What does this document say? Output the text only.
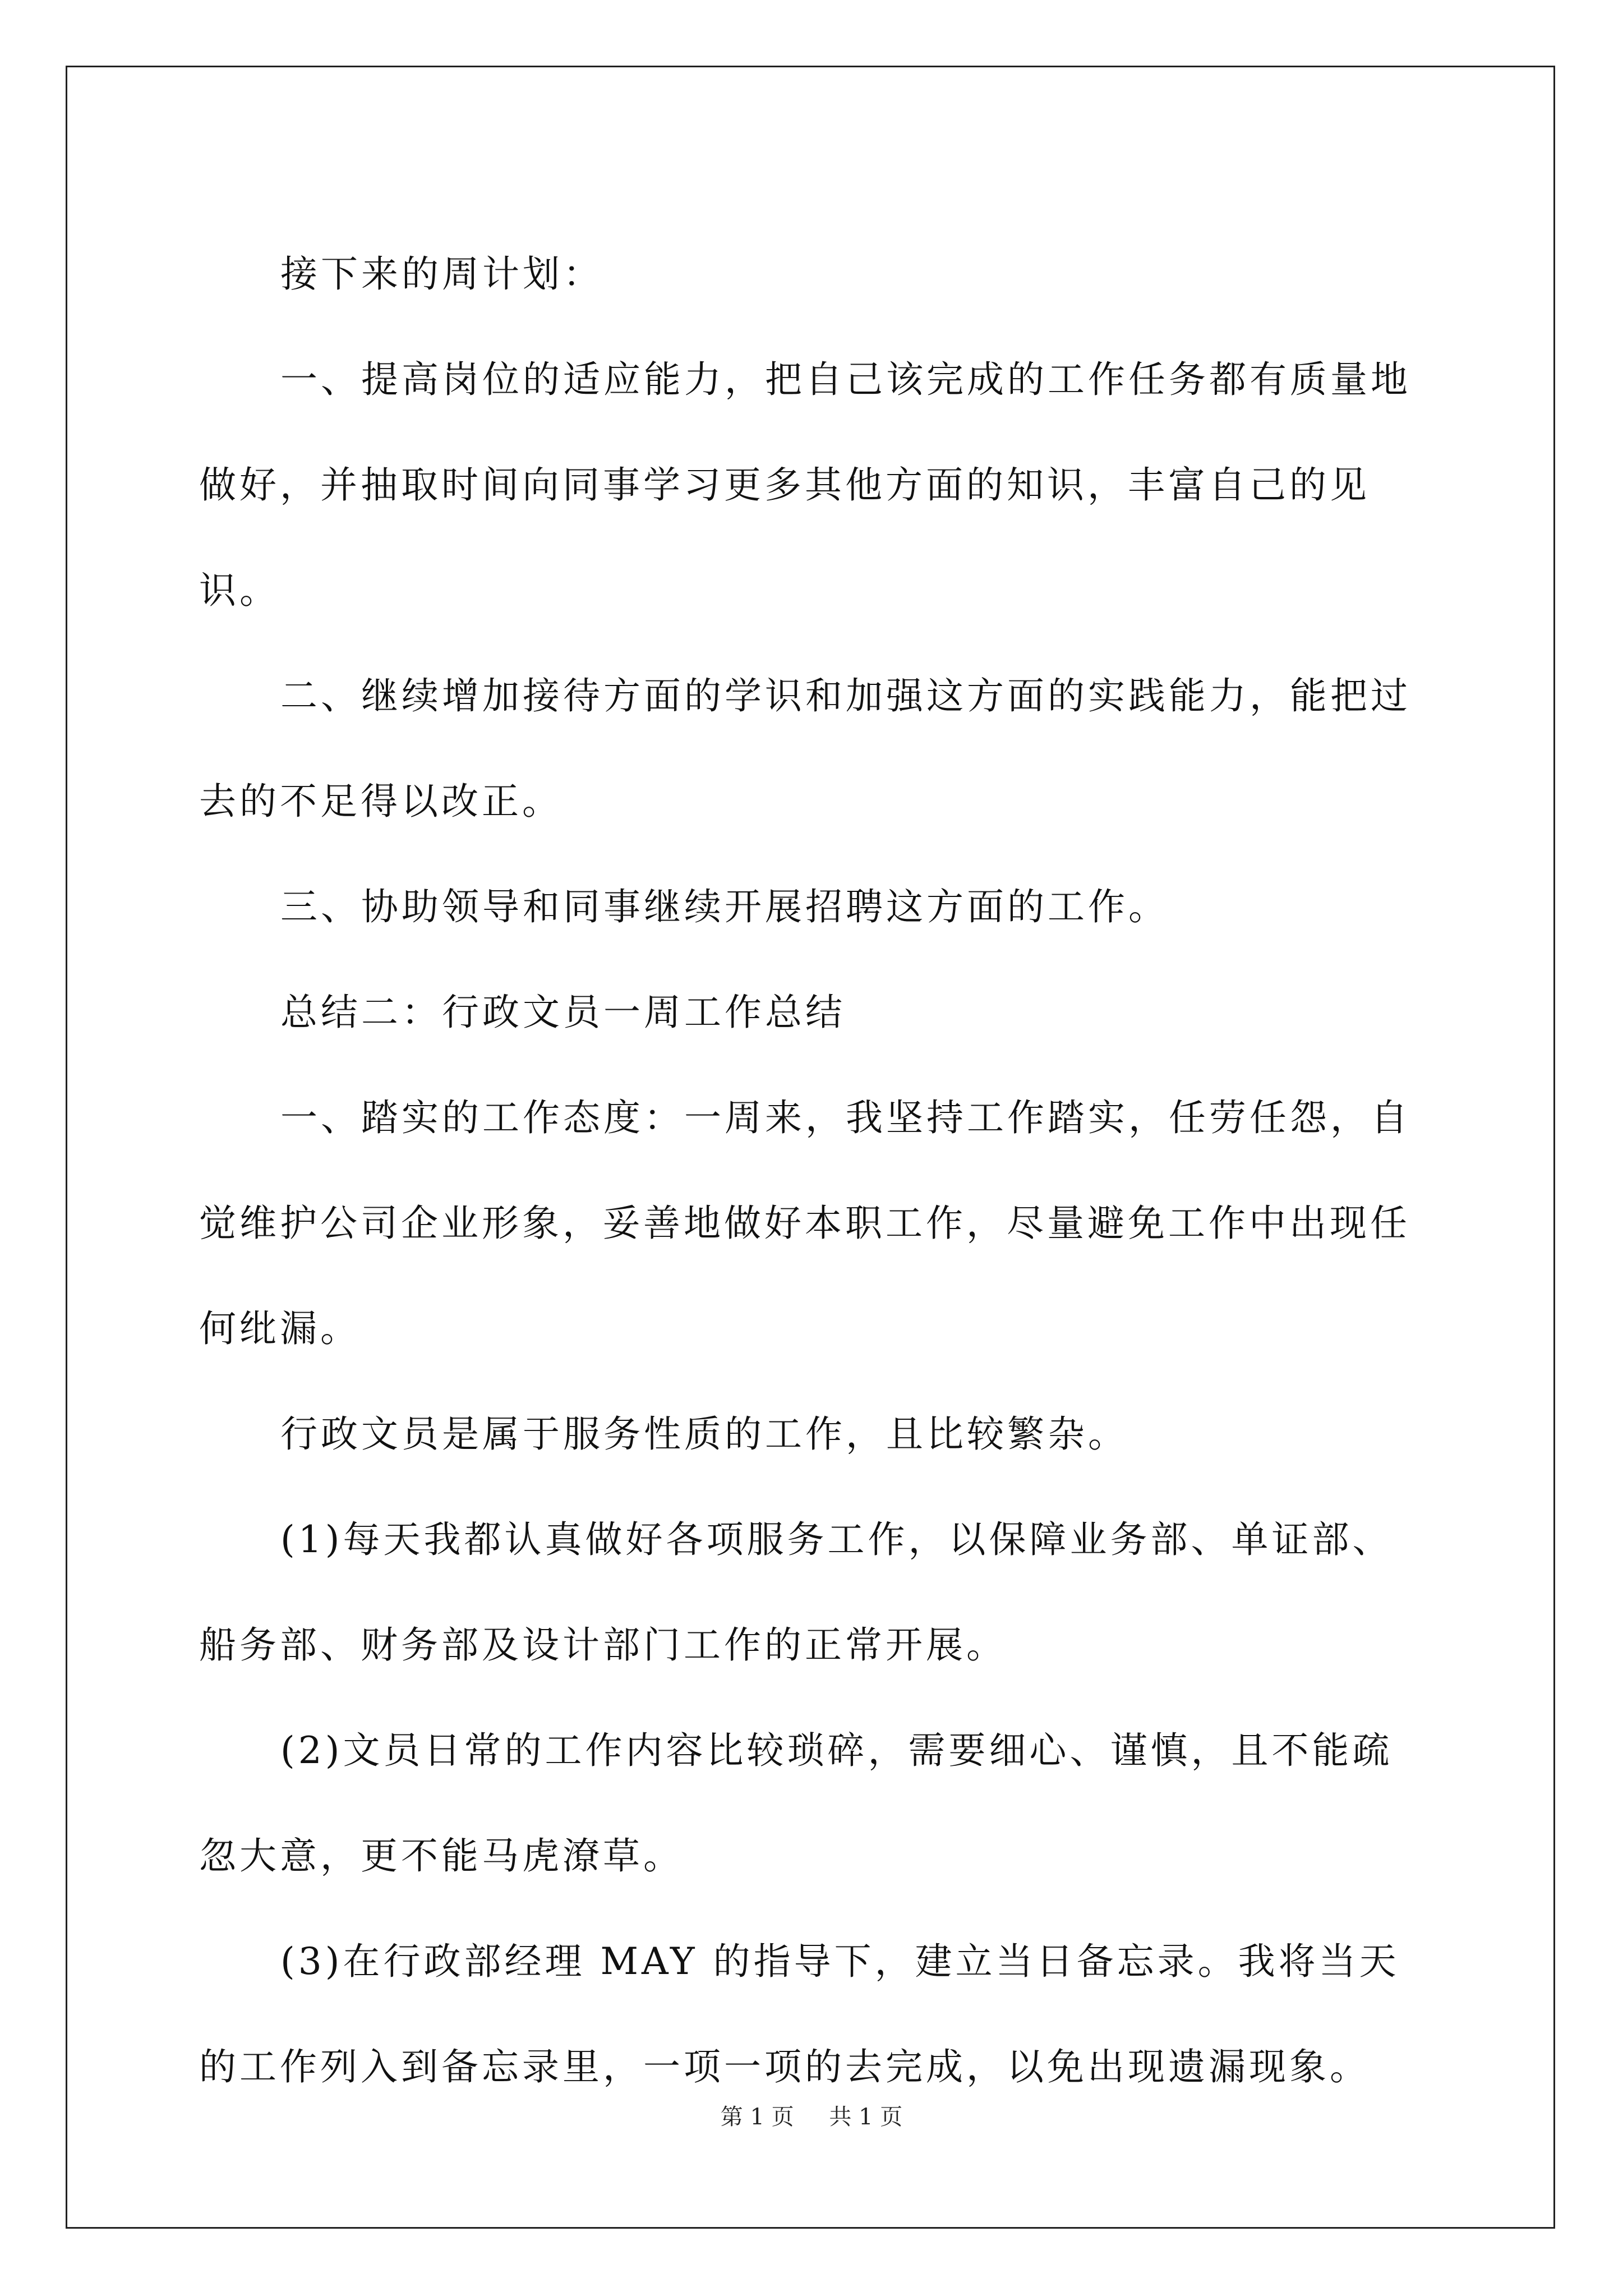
接下来的周计划：

一、提高岗位的适应能力，把自己该完成的工作任务都有质量地做好，并抽取时间向同事学习更多其他方面的知识，丰富自己的见识。

二、继续增加接待方面的学识和加强这方面的实践能力，能把过去的不足得以改正。

三、协助领导和同事继续开展招聘这方面的工作。

总结二：行政文员一周工作总结

一、踏实的工作态度：一周来，我坚持工作踏实，任劳任怨，自觉维护公司企业形象，妥善地做好本职工作，尽量避免工作中出现任何纰漏。

行政文员是属于服务性质的工作，且比较繁杂。

(1)每天我都认真做好各项服务工作，以保障业务部、单证部、船务部、财务部及设计部门工作的正常开展。

(2)文员日常的工作内容比较琐碎，需要细心、谨慎，且不能疏忽大意，更不能马虎潦草。

(3)在行政部经理 MAY 的指导下，建立当日备忘录。我将当天的工作列入到备忘录里，一项一项的去完成，以免出现遗漏现象。

第 1 页 共 1 页
